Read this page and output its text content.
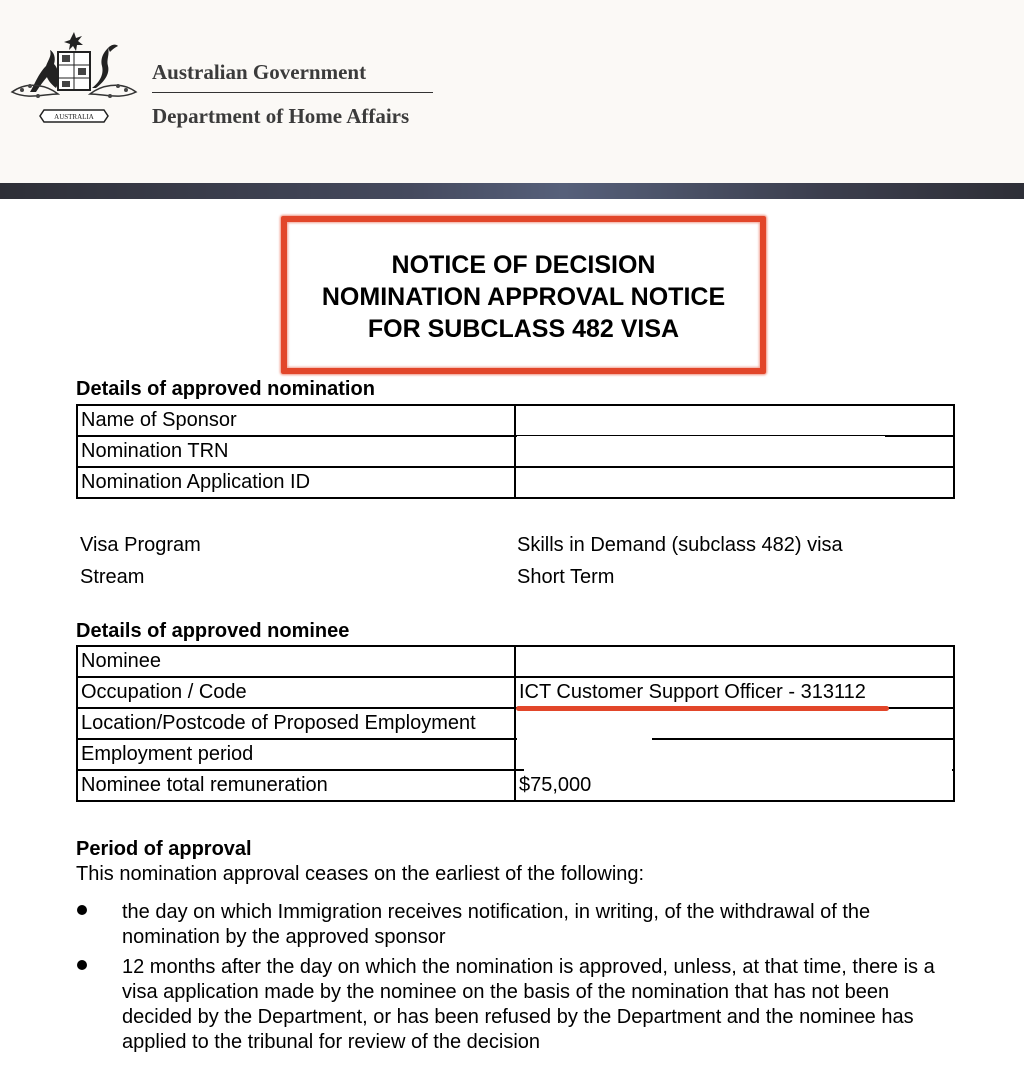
AUSTRALIA
Australian Government
Department of Home Affairs
NOTICE OF DECISION
NOMINATION APPROVAL NOTICE
FOR SUBCLASS 482 VISA
Details of approved nomination
Name of Sponsor	
Nomination TRN	
Nomination Application ID	
Visa Program	Skills in Demand (subclass 482) visa
Stream	Short Term
Details of approved nominee
Nominee	
Occupation / Code	ICT Customer Support Officer - 313112
Location/Postcode of Proposed Employment	
Employment period	
Nominee total remuneration	$75,000
Period of approval
This nomination approval ceases on the earliest of the following:
the day on which Immigration receives notification, in writing, of the withdrawal of the nomination by the approved sponsor
12 months after the day on which the nomination is approved, unless, at that time, there is a visa application made by the nominee on the basis of the nomination that has not been decided by the Department, or has been refused by the Department and the nominee has applied to the tribunal for review of the decision
